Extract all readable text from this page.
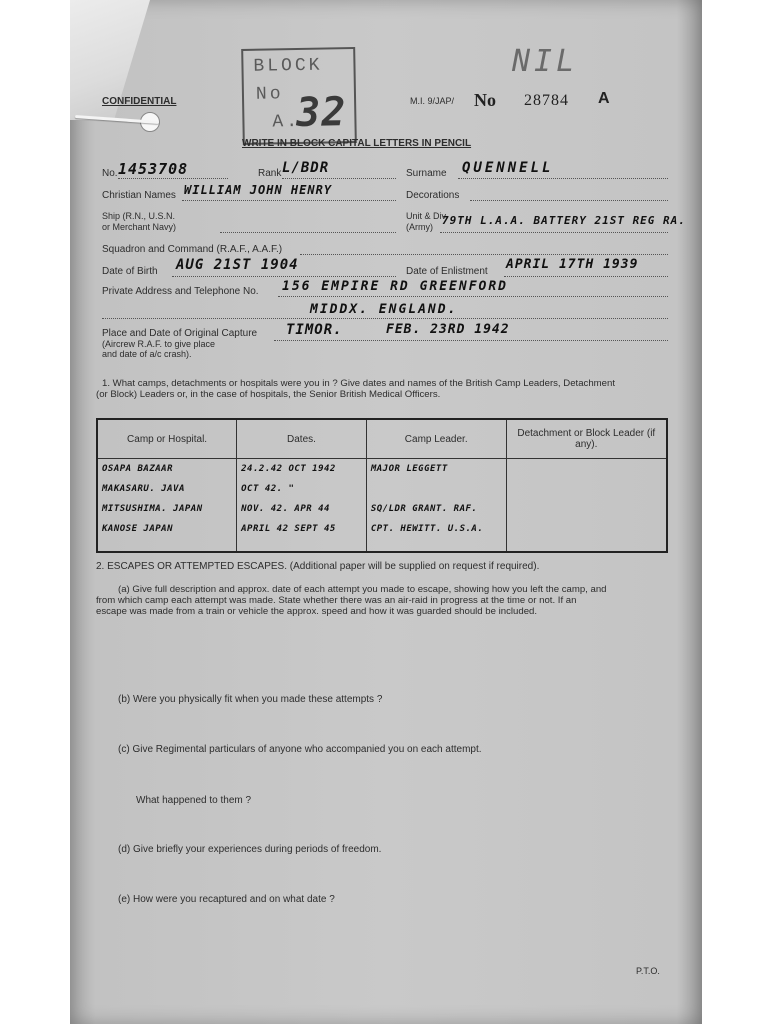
CONFIDENTIAL
BLOCK
No
A.
32
NIL
M.I. 9/JAP/ No 28784 A
WRITE IN BLOCK CAPITAL LETTERS IN PENCIL
No. 1453708	Rank L/BDR	Surname QUENNELL
Christian Names WILLIAM JOHN HENRY	Decorations
Ship (R.N., U.S.N.
or Merchant Navy)
Unit & Div.
(Army) 79TH L.A.A. BATTERY 21ST REG RA.
Squadron and Command (R.A.F., A.A.F.)
Date of Birth AUG 21ST 1904	Date of Enlistment APRIL 17TH 1939
Private Address and Telephone No. 156 EMPIRE RD GREENFORD
MIDDX. ENGLAND.
Place and Date of Original Capture
(Aircrew R.A.F. to give place
and date of a/c crash).
TIMOR.	FEB. 23RD 1942
1. What camps, detachments or hospitals were you in ? Give dates and names of the British Camp Leaders, Detachment
(or Block) Leaders or, in the case of hospitals, the Senior British Medical Officers.
Camp or Hospital.	Dates.	Camp Leader.	Detachment or Block Leader (if any).
OSAPA BAZAAR	24.2.42 OCT 1942	MAJOR LEGGETT	
MAKASARU. JAVA	OCT 42. "		
MITSUSHIMA. JAPAN	NOV. 42. APR 44	SQ/LDR GRANT. RAF.	
KANOSE JAPAN	APRIL 42 SEPT 45	CPT. HEWITT. U.S.A.	

2. ESCAPES OR ATTEMPTED ESCAPES. (Additional paper will be supplied on request if required).
(a) Give full description and approx. date of each attempt you made to escape, showing how you left the camp, and
from which camp each attempt was made. State whether there was an air-raid in progress at the time or not. If an
escape was made from a train or vehicle the approx. speed and how it was guarded should be included.
(b) Were you physically fit when you made these attempts ?
(c) Give Regimental particulars of anyone who accompanied you on each attempt.
What happened to them ?
(d) Give briefly your experiences during periods of freedom.
(e) How were you recaptured and on what date ?
P.T.O.
